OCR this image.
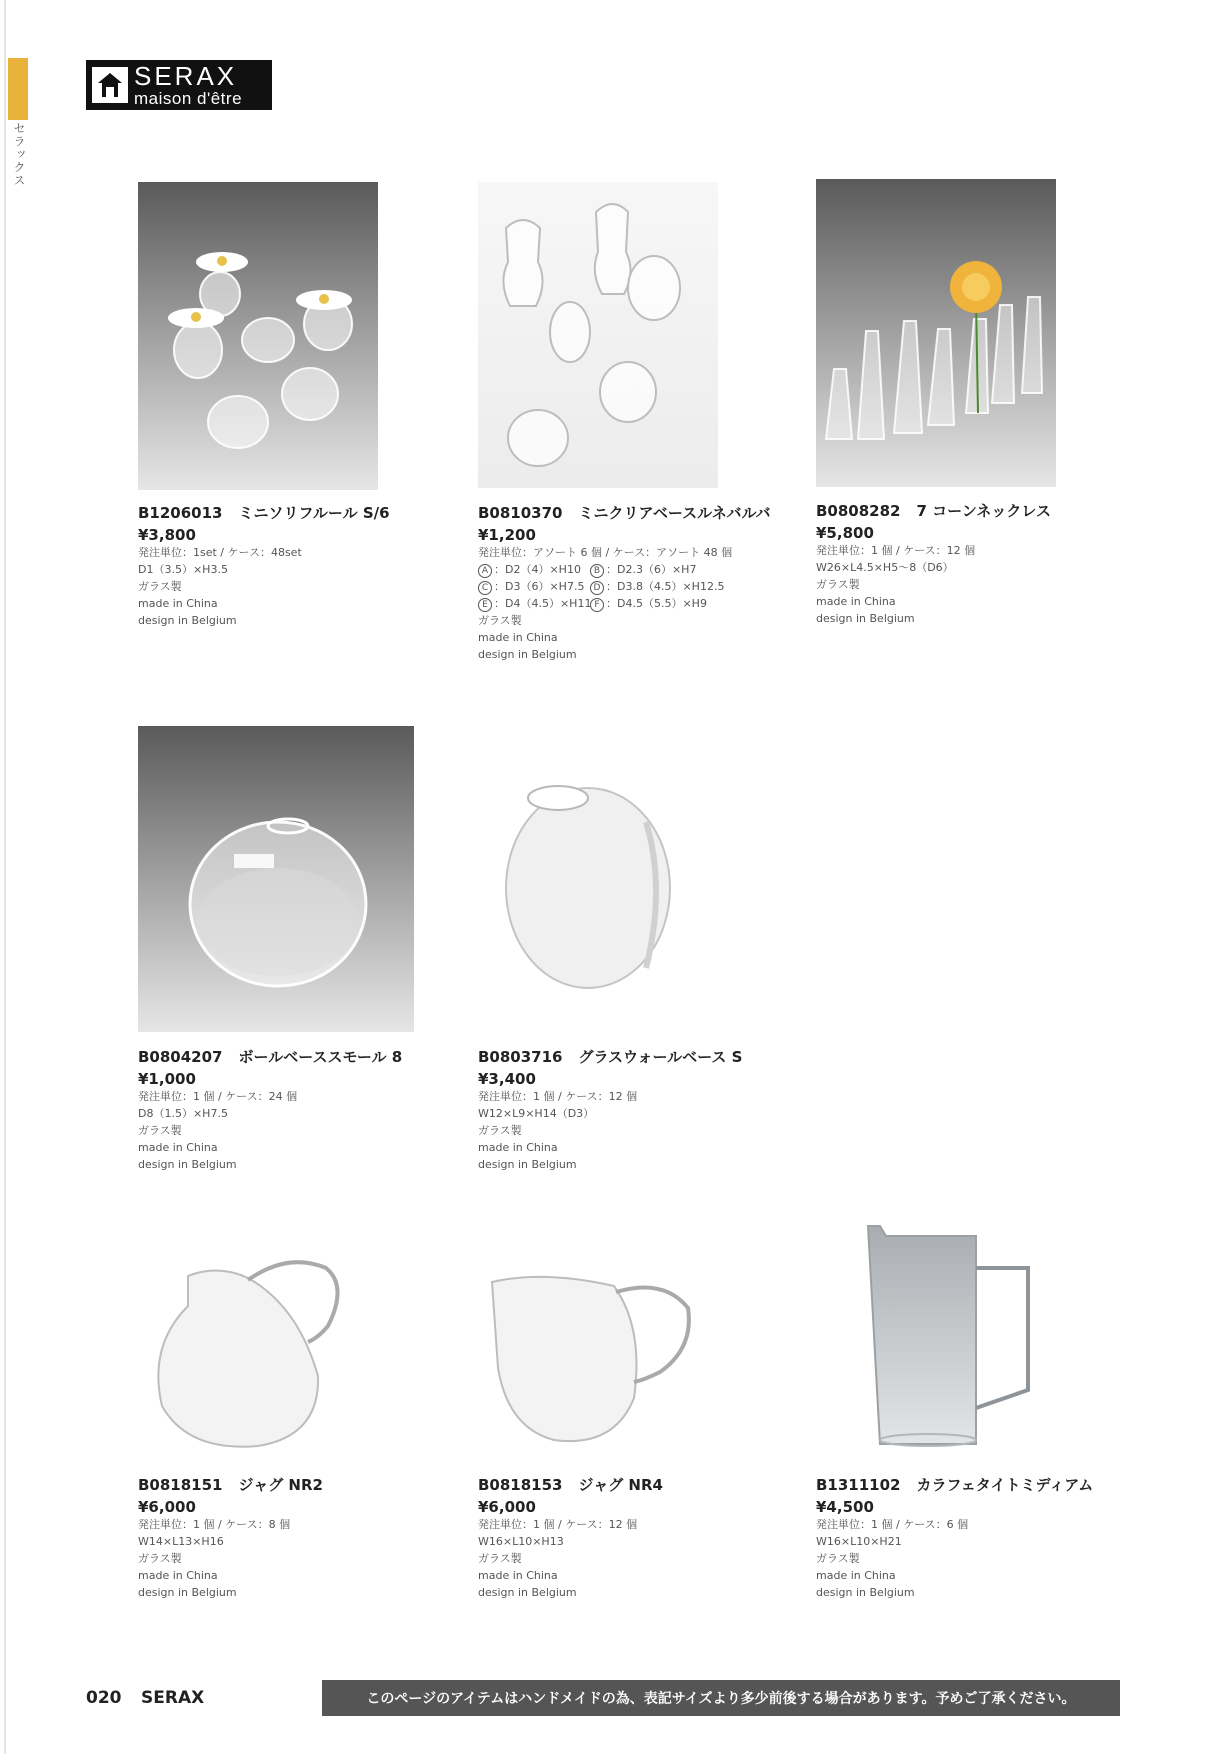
セラックス
SERAX
maison d'être
B1206013 ミニソリフルール S/6
¥3,800
発注単位：1set / ケース：48set
D1（3.5）×H3.5
ガラス製
made in China
design in Belgium
B0810370 ミニクリアベースルネバルバ
¥1,200
発注単位：アソート 6 個 / ケース：アソート 48 個
A ：D2（4）×H10 B ：D2.3（6）×H7
C ：D3（6）×H7.5 D ：D3.8（4.5）×H12.5
E ：D4（4.5）×H11 F ：D4.5（5.5）×H9
ガラス製
made in China
design in Belgium
B0808282 7 コーンネックレス
¥5,800
発注単位：1 個 / ケース：12 個
W26×L4.5×H5～8（D6）
ガラス製
made in China
design in Belgium
B0804207 ボールベーススモール 8
¥1,000
発注単位：1 個 / ケース：24 個
D8（1.5）×H7.5
ガラス製
made in China
design in Belgium
B0803716 グラスウォールベース S
¥3,400
発注単位：1 個 / ケース：12 個
W12×L9×H14（D3）
ガラス製
made in China
design in Belgium
B0818151 ジャグ NR2
¥6,000
発注単位：1 個 / ケース：8 個
W14×L13×H16
ガラス製
made in China
design in Belgium
B0818153 ジャグ NR4
¥6,000
発注単位：1 個 / ケース：12 個
W16×L10×H13
ガラス製
made in China
design in Belgium
B1311102 カラフェタイトミディアム
¥4,500
発注単位：1 個 / ケース：6 個
W16×L10×H21
ガラス製
made in China
design in Belgium
020 SERAX	このページのアイテムはハンドメイドの為、表記サイズより多少前後する場合があります。予めご了承ください。
